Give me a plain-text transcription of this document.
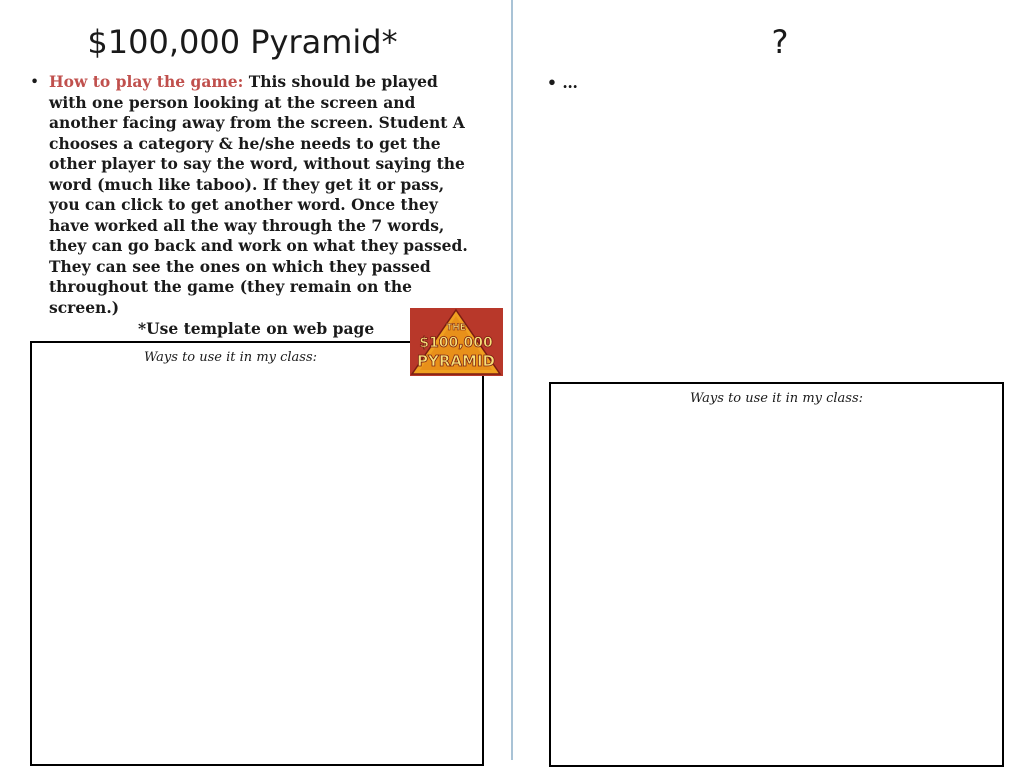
$100,000 Pyramid*
• How to play the game: This should be played with one person looking at the screen and another facing away from the screen. Student A chooses a category & he/she needs to get the other player to say the word, without saying the word (much like taboo). If they get it or pass, you can click to get another word. Once they have worked all the way through the 7 words, they can go back and work on what they passed. They can see the ones on which they passed throughout the game (they remain on the screen.)
*Use template on web page
Ways to use it in my class:
THE
$100,000
PYRAMID
?
• …
Ways to use it in my class:
